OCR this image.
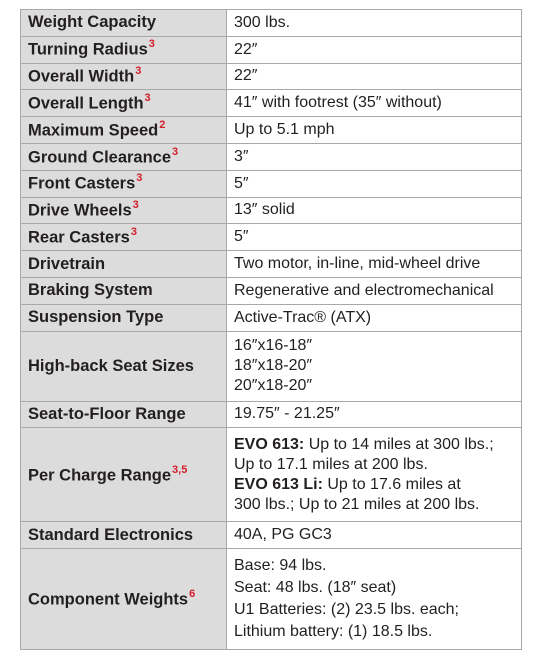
Weight Capacity	300 lbs.
Turning Radius$^3$	22″
Overall Width$^3$	22″
Overall Length$^3$	41″ with footrest (35″ without)
Maximum Speed$^2$	Up to 5.1 mph
Ground Clearance$^3$	3″
Front Casters$^3$	5″
Drive Wheels$^3$	13″ solid
Rear Casters$^3$	5″
Drivetrain	Two motor, in-line, mid-wheel drive
Braking System	Regenerative and electromechanical
Suspension Type	Active-Trac® (ATX)
High-back Seat Sizes	16″x16-18″
18″x18-20″
20″x18-20″

Seat-to-Floor Range	19.75″ - 21.25″
Per Charge Range$^{3,5}$	EVO 613: Up to 14 miles at 300 lbs.;
Up to 17.1 miles at 200 lbs.
EVO 613 Li: Up to 17.6 miles at
300 lbs.; Up to 21 miles at 200 lbs.

Standard Electronics	40A, PG GC3
Component Weights$^6$	Base: 94 lbs.
Seat: 48 lbs. (18″ seat)
U1 Batteries: (2) 23.5 lbs. each;
Lithium battery: (1) 18.5 lbs.
